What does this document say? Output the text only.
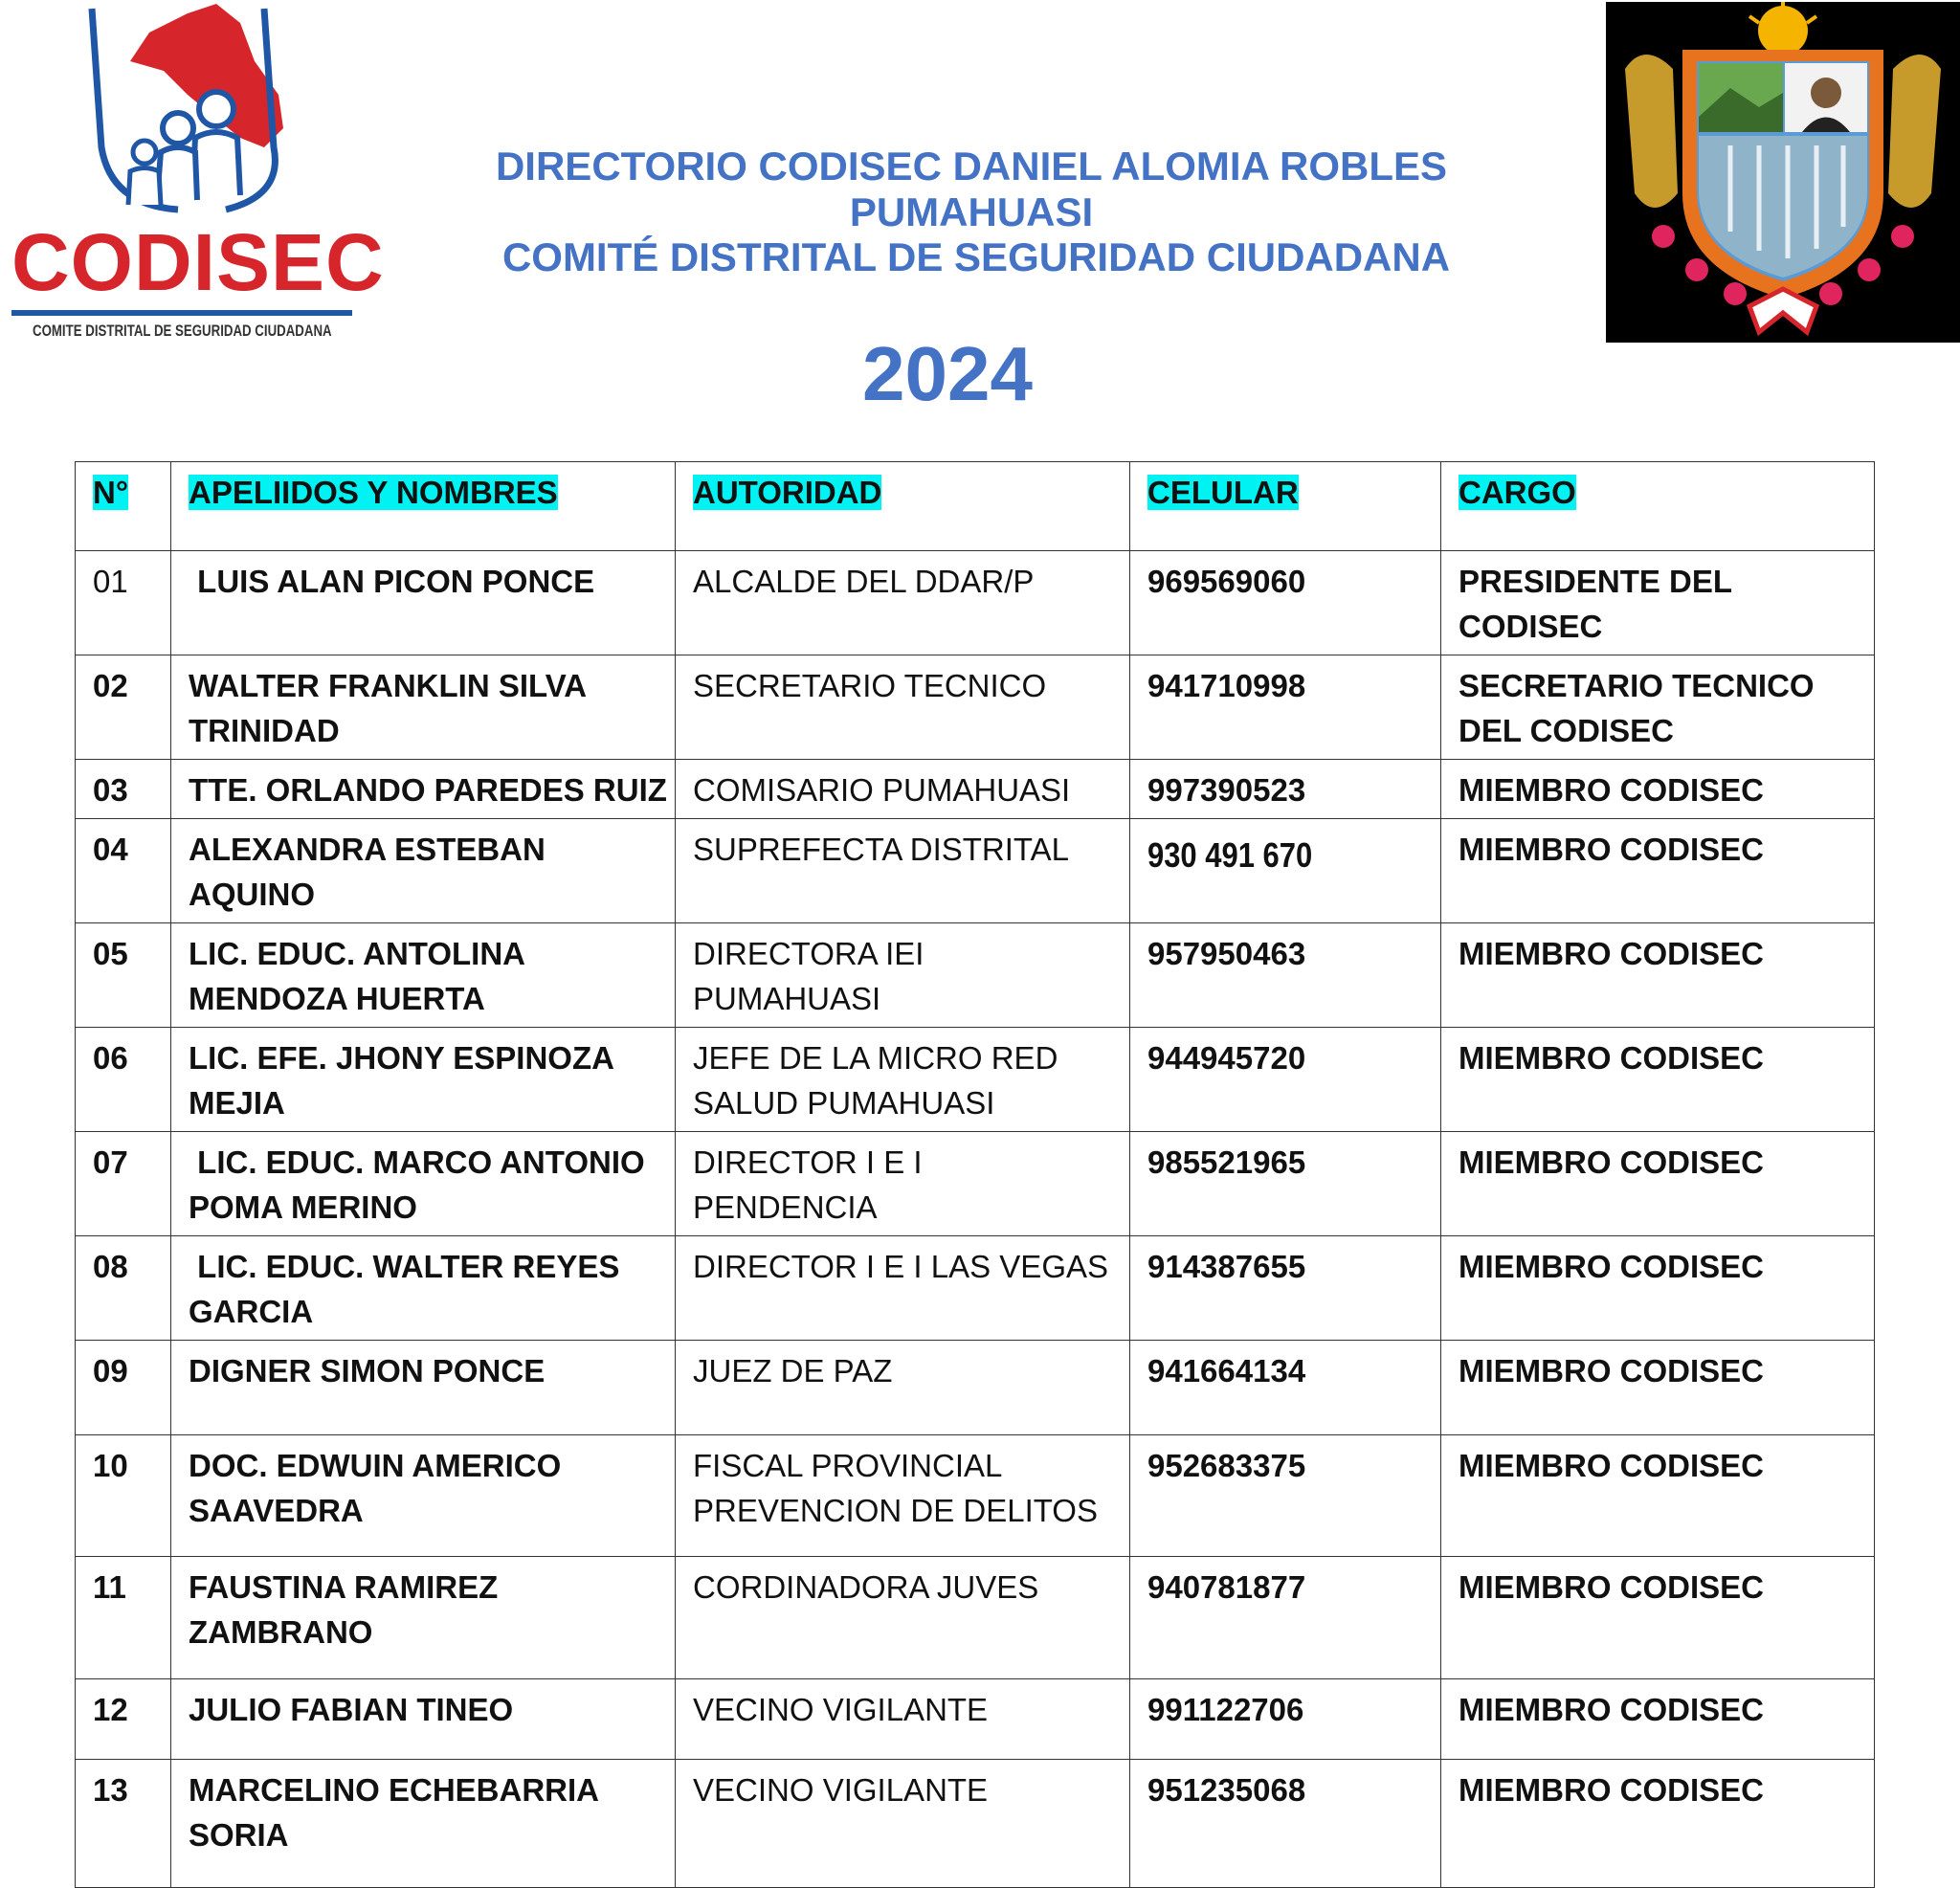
CODISEC
COMITE DISTRITAL DE SEGURIDAD CIUDADANA
DIRECTORIO CODISEC DANIEL ALOMIA ROBLES PUMAHUASI
COMITÉ DISTRITAL DE SEGURIDAD CIUDADANA
2024
N°	APELIIDOS Y NOMBRES	AUTORIDAD	CELULAR	CARGO
01	LUIS ALAN PICON PONCE	ALCALDE DEL DDAR/P	969569060	PRESIDENTE DEL CODISEC
02	WALTER FRANKLIN SILVA TRINIDAD	SECRETARIO TECNICO	941710998	SECRETARIO TECNICO DEL CODISEC
03	TTE. ORLANDO PAREDES RUIZ	COMISARIO PUMAHUASI	997390523	MIEMBRO CODISEC
04	ALEXANDRA ESTEBAN AQUINO	SUPREFECTA DISTRITAL	930 491 670	MIEMBRO CODISEC
05	LIC. EDUC. ANTOLINA MENDOZA HUERTA	DIRECTORA IEI PUMAHUASI	957950463	MIEMBRO CODISEC
06	LIC. EFE. JHONY ESPINOZA MEJIA	JEFE DE LA MICRO RED SALUD PUMAHUASI	944945720	MIEMBRO CODISEC
07	LIC. EDUC. MARCO ANTONIO POMA MERINO	DIRECTOR I E I PENDENCIA	985521965	MIEMBRO CODISEC
08	LIC. EDUC. WALTER REYES GARCIA	DIRECTOR I E I LAS VEGAS	914387655	MIEMBRO CODISEC
09	DIGNER SIMON PONCE	JUEZ DE PAZ	941664134	MIEMBRO CODISEC
10	DOC. EDWUIN AMERICO SAAVEDRA	FISCAL PROVINCIAL PREVENCION DE DELITOS	952683375	MIEMBRO CODISEC
11	FAUSTINA RAMIREZ ZAMBRANO	CORDINADORA JUVES	940781877	MIEMBRO CODISEC
12	JULIO FABIAN TINEO	VECINO VIGILANTE	991122706	MIEMBRO CODISEC
13	MARCELINO ECHEBARRIA SORIA	VECINO VIGILANTE	951235068	MIEMBRO CODISEC
